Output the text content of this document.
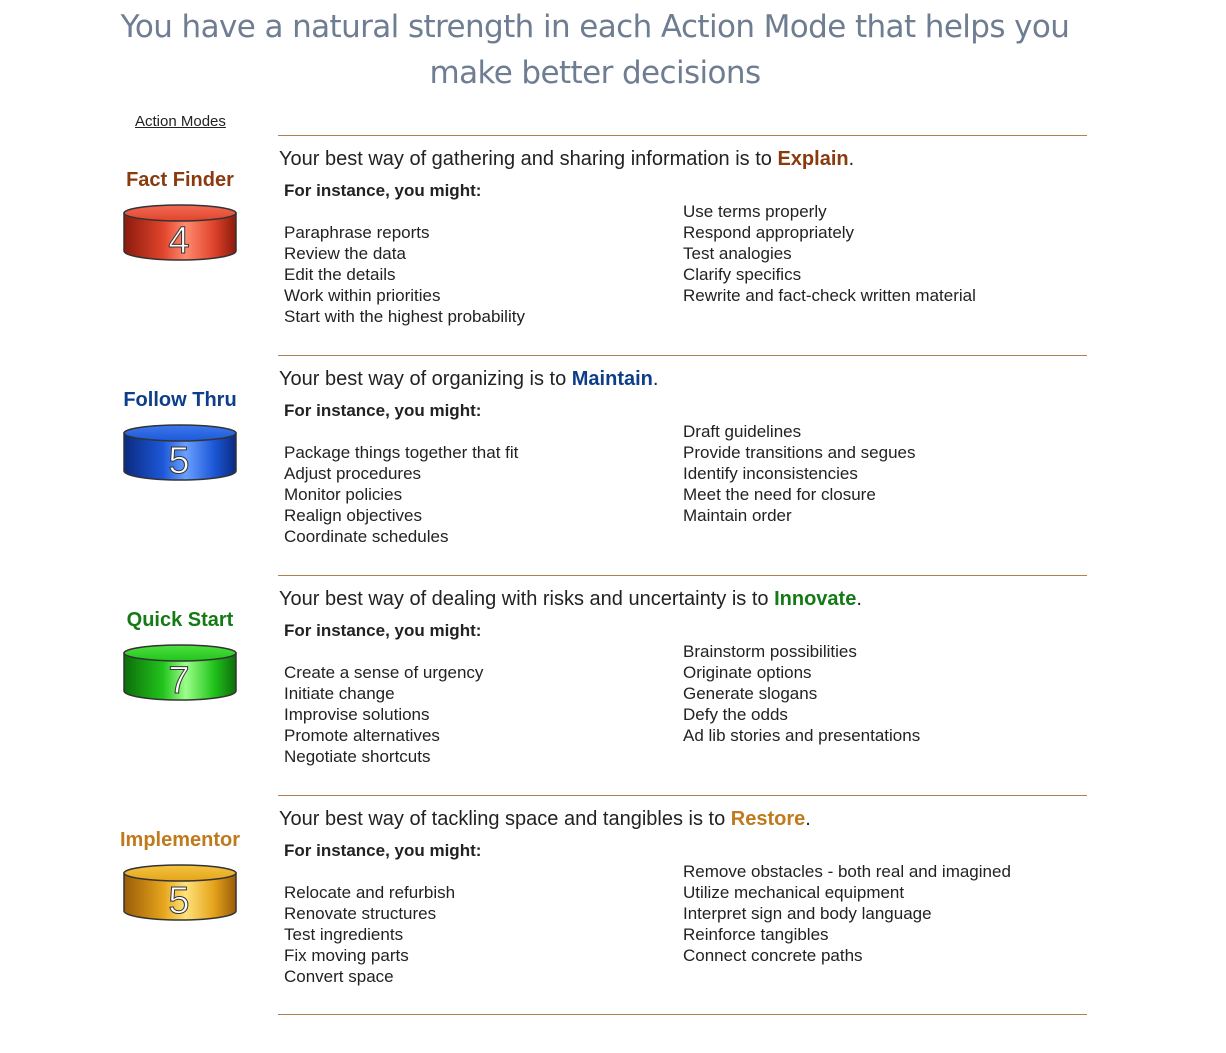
You have a natural strength in each Action Mode that helps you make better decisions
Action Modes
Fact Finder
4
Your best way of gathering and sharing information is to Explain.
For instance, you might:
Paraphrase reports
Review the data
Edit the details
Work within priorities
Start with the highest probability
Use terms properly
Respond appropriately
Test analogies
Clarify specifics
Rewrite and fact-check written material
Follow Thru
5
Your best way of organizing is to Maintain.
For instance, you might:
Package things together that fit
Adjust procedures
Monitor policies
Realign objectives
Coordinate schedules
Draft guidelines
Provide transitions and segues
Identify inconsistencies
Meet the need for closure
Maintain order
Quick Start
7
Your best way of dealing with risks and uncertainty is to Innovate.
For instance, you might:
Create a sense of urgency
Initiate change
Improvise solutions
Promote alternatives
Negotiate shortcuts
Brainstorm possibilities
Originate options
Generate slogans
Defy the odds
Ad lib stories and presentations
Implementor
5
Your best way of tackling space and tangibles is to Restore.
For instance, you might:
Relocate and refurbish
Renovate structures
Test ingredients
Fix moving parts
Convert space
Remove obstacles - both real and imagined
Utilize mechanical equipment
Interpret sign and body language
Reinforce tangibles
Connect concrete paths
